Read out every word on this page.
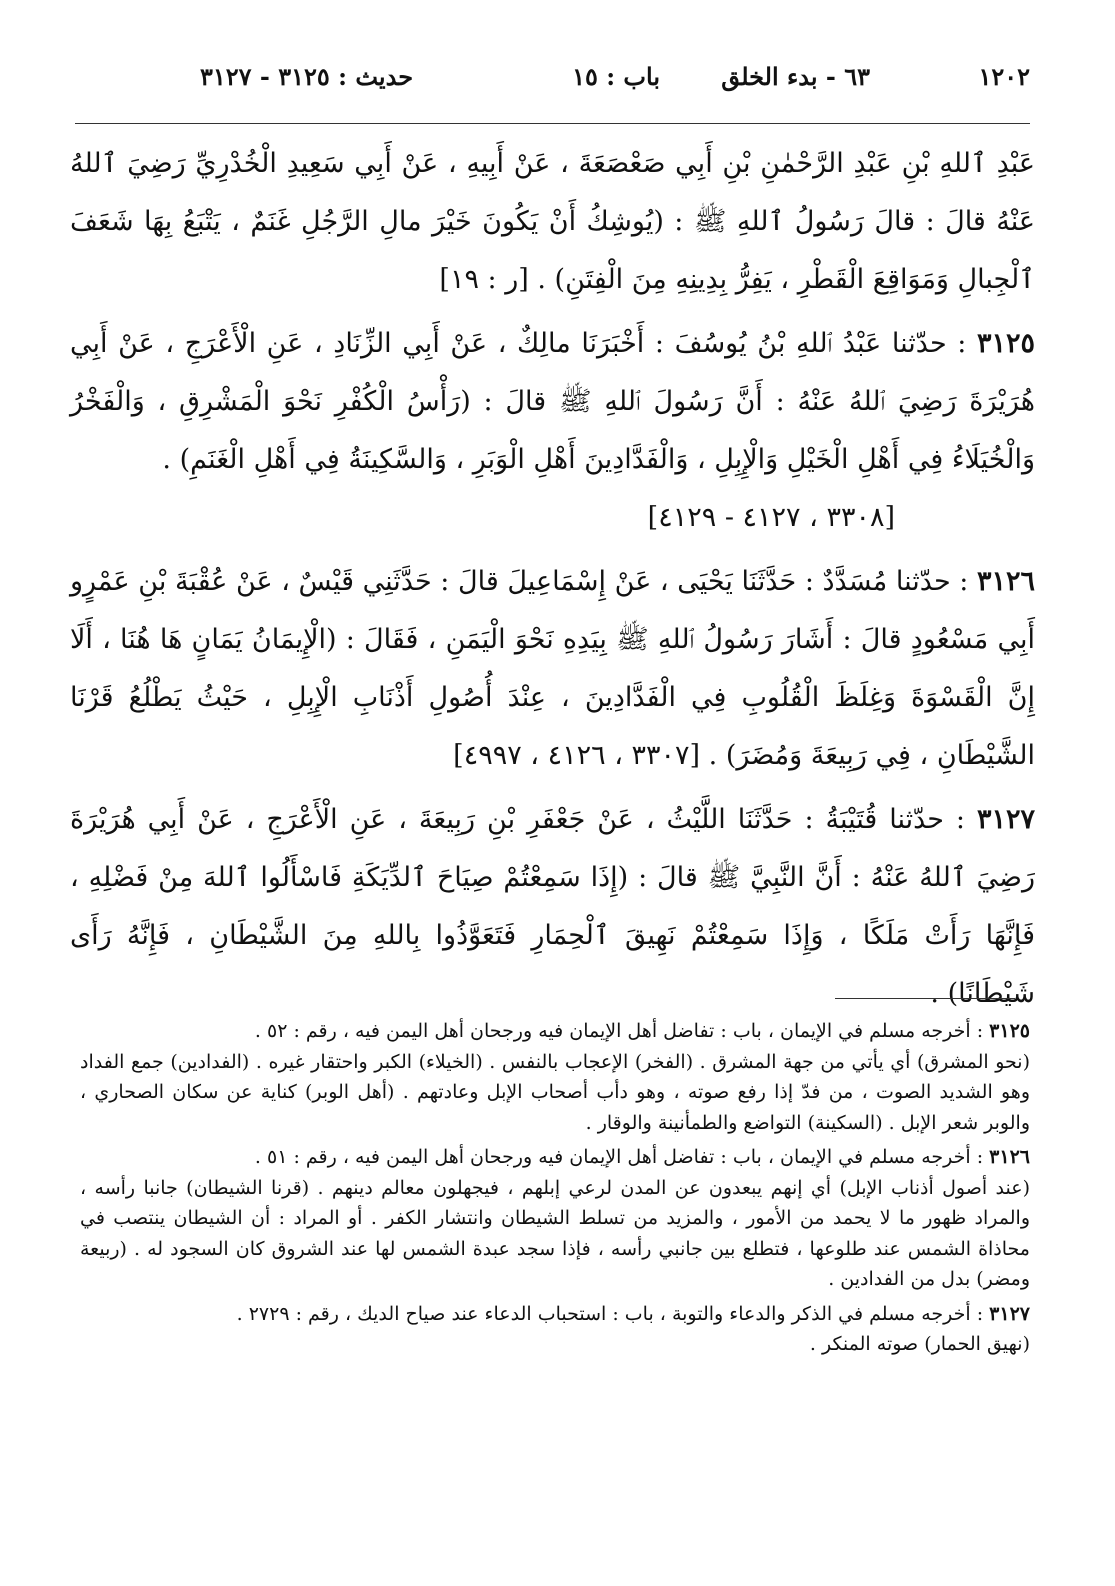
١٢٠٢
٦٣ - بدء الخلق
باب : ١٥
حديث : ٣١٢٥ - ٣١٢٧

عَبْدِ ٱللهِ بْنِ عَبْدِ الرَّحْمٰنِ بْنِ أَبِي صَعْصَعَةَ ، عَنْ أَبِيهِ ، عَنْ أَبِي سَعِيدِ الْخُدْرِيِّ رَضِيَ ٱللهُ عَنْهُ قالَ : قالَ رَسُولُ ٱللهِ ﷺ : (يُوشِكُ أَنْ يَكُونَ خَيْرَ مالِ الرَّجُلِ غَنَمٌ ، يَتْبَعُ بِهَا شَعَفَ ٱلْجِبالِ وَمَوَاقِعَ الْقَطْرِ ، يَفِرُّ بِدِينِهِ مِنَ الْفِتَنِ) . [ر : ١٩]

٣١٢٥ : حدّثنا عَبْدُ ٱللهِ بْنُ يُوسُفَ : أَخْبَرَنَا مالِكٌ ، عَنْ أَبِي الزِّنَادِ ، عَنِ الْأَعْرَجِ ، عَنْ أَبِي هُرَيْرَةَ رَضِيَ ٱللهُ عَنْهُ : أَنَّ رَسُولَ ٱللهِ ﷺ قالَ : (رَأْسُ الْكُفْرِ نَحْوَ الْمَشْرِقِ ، وَالْفَخْرُ وَالْخُيَلَاءُ فِي أَهْلِ الْخَيْلِ وَالْإِبِلِ ، وَالْفَدَّادِينَ أَهْلِ الْوَبَرِ ، وَالسَّكِينَةُ فِي أَهْلِ الْغَنَمِ) .
[٣٣٠٨ ، ٤١٢٧ - ٤١٢٩]

٣١٢٦ : حدّثنا مُسَدَّدٌ : حَدَّثَنَا يَحْيَى ، عَنْ إِسْمَاعِيلَ قالَ : حَدَّثَنِي قَيْسٌ ، عَنْ عُقْبَةَ بْنِ عَمْرٍو أَبِي مَسْعُودٍ قالَ : أَشَارَ رَسُولُ ٱللهِ ﷺ بِيَدِهِ نَحْوَ الْيَمَنِ ، فَقَالَ : (الْإِيمَانُ يَمَانٍ هَا هُنَا ، أَلَا إِنَّ الْقَسْوَةَ وَغِلَظَ الْقُلُوبِ فِي الْفَدَّادِينَ ، عِنْدَ أُصُولِ أَذْنَابِ الْإِبِلِ ، حَيْثُ يَطْلُعُ قَرْنَا الشَّيْطَانِ ، فِي رَبِيعَةَ وَمُضَرَ) . [٣٣٠٧ ، ٤١٢٦ ، ٤٩٩٧]

٣١٢٧ : حدّثنا قُتَيْبَةُ : حَدَّثَنَا اللَّيْثُ ، عَنْ جَعْفَرِ بْنِ رَبِيعَةَ ، عَنِ الْأَعْرَجِ ، عَنْ أَبِي هُرَيْرَةَ رَضِيَ ٱللهُ عَنْهُ : أَنَّ النَّبِيَّ ﷺ قالَ : (إِذَا سَمِعْتُمْ صِيَاحَ ٱلدِّيَكَةِ فَاسْأَلُوا ٱللهَ مِنْ فَضْلِهِ ، فَإِنَّهَا رَأَتْ مَلَكًا ، وَإِذَا سَمِعْتُمْ نَهِيقَ ٱلْحِمَارِ فَتَعَوَّذُوا بِاللهِ مِنَ الشَّيْطَانِ ، فَإِنَّهُ رَأَى شَيْطَانًا) .

٣١٢٥ : أخرجه مسلم في الإيمان ، باب : تفاضل أهل الإيمان فيه ورجحان أهل اليمن فيه ، رقم : ٥٢ .
(نحو المشرق) أي يأتي من جهة المشرق . (الفخر) الإعجاب بالنفس . (الخيلاء) الكبر واحتقار غيره . (الفدادين) جمع الفداد وهو الشديد الصوت ، من فدّ إذا رفع صوته ، وهو دأب أصحاب الإبل وعادتهم . (أهل الوبر) كناية عن سكان الصحاري ، والوبر شعر الإبل . (السكينة) التواضع والطمأنينة والوقار .
٣١٢٦ : أخرجه مسلم في الإيمان ، باب : تفاضل أهل الإيمان فيه ورجحان أهل اليمن فيه ، رقم : ٥١ .
(عند أصول أذناب الإبل) أي إنهم يبعدون عن المدن لرعي إبلهم ، فيجهلون معالم دينهم . (قرنا الشيطان) جانبا رأسه ، والمراد ظهور ما لا يحمد من الأمور ، والمزيد من تسلط الشيطان وانتشار الكفر . أو المراد : أن الشيطان ينتصب في محاذاة الشمس عند طلوعها ، فتطلع بين جانبي رأسه ، فإذا سجد عبدة الشمس لها عند الشروق كان السجود له . (ربيعة ومضر) بدل من الفدادين .
٣١٢٧ : أخرجه مسلم في الذكر والدعاء والتوبة ، باب : استحباب الدعاء عند صياح الديك ، رقم : ٢٧٢٩ .
(نهيق الحمار) صوته المنكر .
